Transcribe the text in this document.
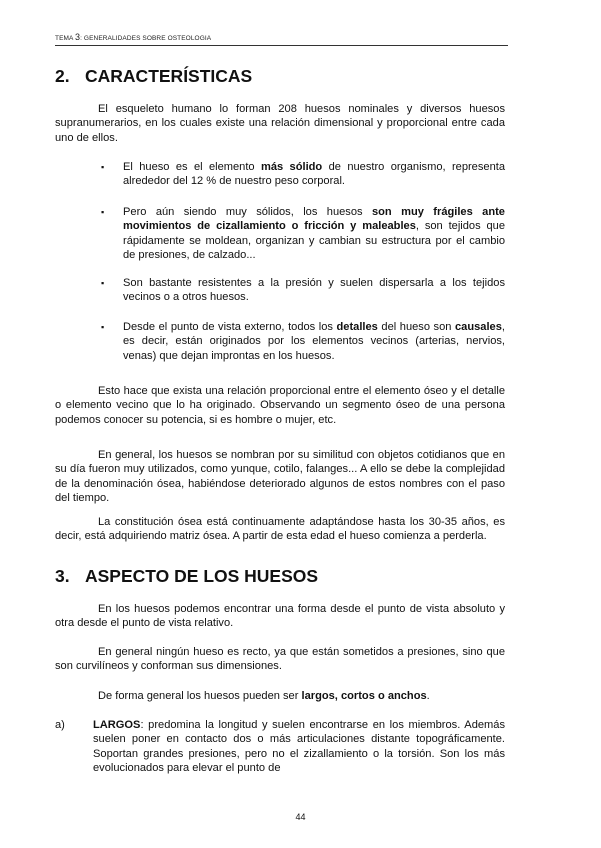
TEMA 3: GENERALIDADES SOBRE OSTEOLOGIA
2. CARACTERÍSTICAS

El esqueleto humano lo forman 208 huesos nominales y diversos huesos supranumerarios, en los cuales existe una relación dimensional y proporcional entre cada uno de ellos.

▪ El hueso es el elemento más sólido de nuestro organismo, representa alrededor del 12 % de nuestro peso corporal.

▪ Pero aún siendo muy sólidos, los huesos son muy frágiles ante movimientos de cizallamiento o fricción y maleables, son tejidos que rápidamente se moldean, organizan y cambian su estructura por el cambio de presiones, de calzado...

▪ Son bastante resistentes a la presión y suelen dispersarla a los tejidos vecinos o a otros huesos.

▪ Desde el punto de vista externo, todos los detalles del hueso son causales, es decir, están originados por los elementos vecinos (arterias, nervios, venas) que dejan improntas en los huesos.

Esto hace que exista una relación proporcional entre el elemento óseo y el detalle o elemento vecino que lo ha originado. Observando un segmento óseo de una persona podemos conocer su potencia, si es hombre o mujer, etc.

En general, los huesos se nombran por su similitud con objetos cotidianos que en su día fueron muy utilizados, como yunque, cotilo, falanges... A ello se debe la complejidad de la denominación ósea, habiéndose deteriorado algunos de estos nombres con el paso del tiempo.

La constitución ósea está continuamente adaptándose hasta los 30-35 años, es decir, está adquiriendo matriz ósea. A partir de esta edad el hueso comienza a perderla.

3. ASPECTO DE LOS HUESOS

En los huesos podemos encontrar una forma desde el punto de vista absoluto y otra desde el punto de vista relativo.

En general ningún hueso es recto, ya que están sometidos a presiones, sino que son curvilíneos y conforman sus dimensiones.

De forma general los huesos pueden ser largos, cortos o anchos.

a)	LARGOS: predomina la longitud y suelen encontrarse en los miembros. Además suelen poner en contacto dos o más articulaciones distante topográficamente. Soportan grandes presiones, pero no el zizallamiento o la torsión. Son los más evolucionados para elevar el punto de

44
